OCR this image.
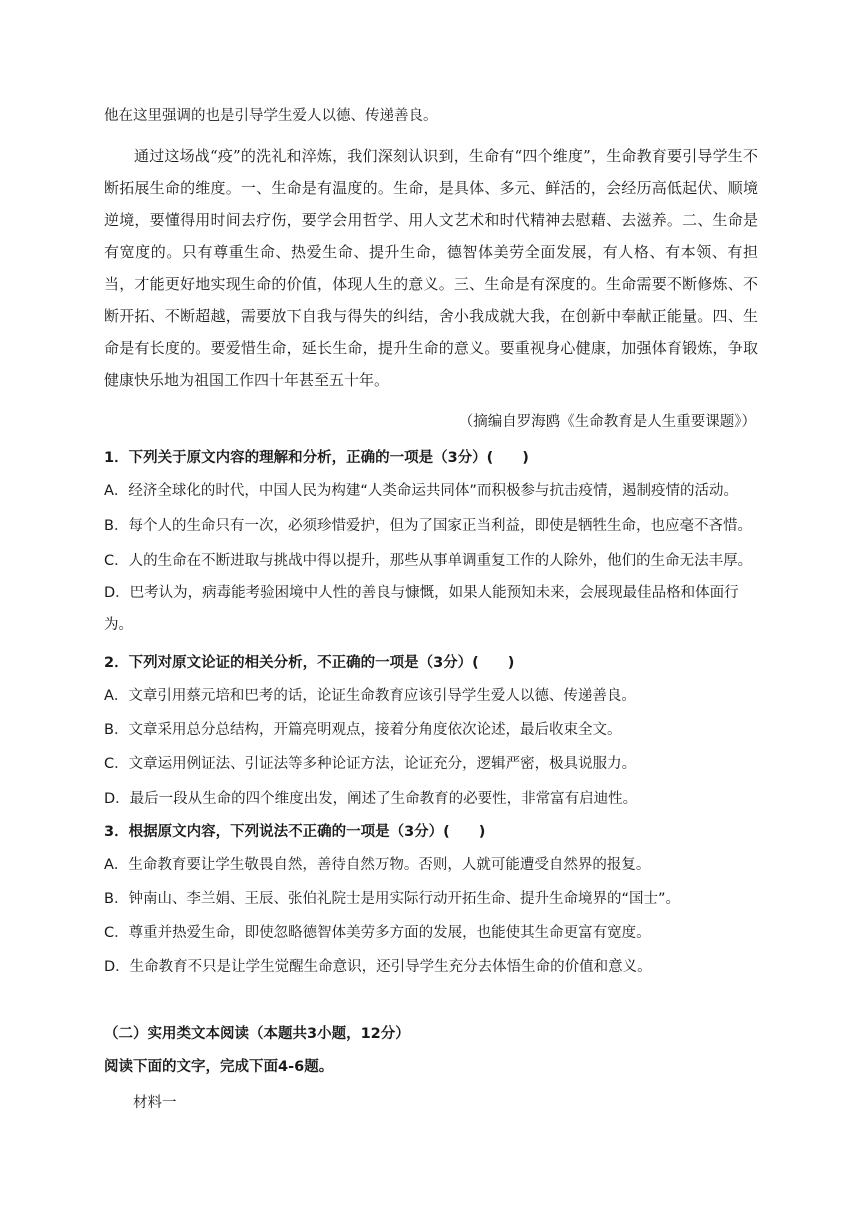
他在这里强调的也是引导学生爱人以德、传递善良。
通过这场战“疫”的洗礼和淬炼，我们深刻认识到，生命有“四个维度”，生命教育要引导学生不断拓展生命的维度。一、生命是有温度的。生命，是具体、多元、鲜活的，会经历高低起伏、顺境逆境，要懂得用时间去疗伤，要学会用哲学、用人文艺术和时代精神去慰藉、去滋养。二、生命是有宽度的。只有尊重生命、热爱生命、提升生命，德智体美劳全面发展，有人格、有本领、有担当，才能更好地实现生命的价值，体现人生的意义。三、生命是有深度的。生命需要不断修炼、不断开拓、不断超越，需要放下自我与得失的纠结，舍小我成就大我，在创新中奉献正能量。四、生命是有长度的。要爱惜生命，延长生命，提升生命的意义。要重视身心健康，加强体育锻炼，争取健康快乐地为祖国工作四十年甚至五十年。
（摘编自罗海鸥《生命教育是人生重要课题》）
1．下列关于原文内容的理解和分析，正确的一项是（3分）(　　)
A．经济全球化的时代，中国人民为构建“人类命运共同体”而积极参与抗击疫情，遏制疫情的活动。
B．每个人的生命只有一次，必须珍惜爱护，但为了国家正当利益，即使是牺牲生命，也应毫不吝惜。
C．人的生命在不断进取与挑战中得以提升，那些从事单调重复工作的人除外，他们的生命无法丰厚。
D．巴考认为，病毒能考验困境中人性的善良与慷慨，如果人能预知未来，会展现最佳品格和体面行为。
2．下列对原文论证的相关分析，不正确的一项是（3分）(　　)
A．文章引用蔡元培和巴考的话，论证生命教育应该引导学生爱人以德、传递善良。
B．文章采用总分总结构，开篇亮明观点，接着分角度依次论述，最后收束全文。
C．文章运用例证法、引证法等多种论证方法，论证充分，逻辑严密，极具说服力。
D．最后一段从生命的四个维度出发，阐述了生命教育的必要性，非常富有启迪性。
3．根据原文内容，下列说法不正确的一项是（3分）(　　)
A．生命教育要让学生敬畏自然，善待自然万物。否则，人就可能遭受自然界的报复。
B．钟南山、李兰娟、王辰、张伯礼院士是用实际行动开拓生命、提升生命境界的“国士”。
C．尊重并热爱生命，即使忽略德智体美劳多方面的发展，也能使其生命更富有宽度。
D．生命教育不只是让学生觉醒生命意识，还引导学生充分去体悟生命的价值和意义。
（二）实用类文本阅读（本题共3小题，12分）
阅读下面的文字，完成下面4-6题。
材料一
